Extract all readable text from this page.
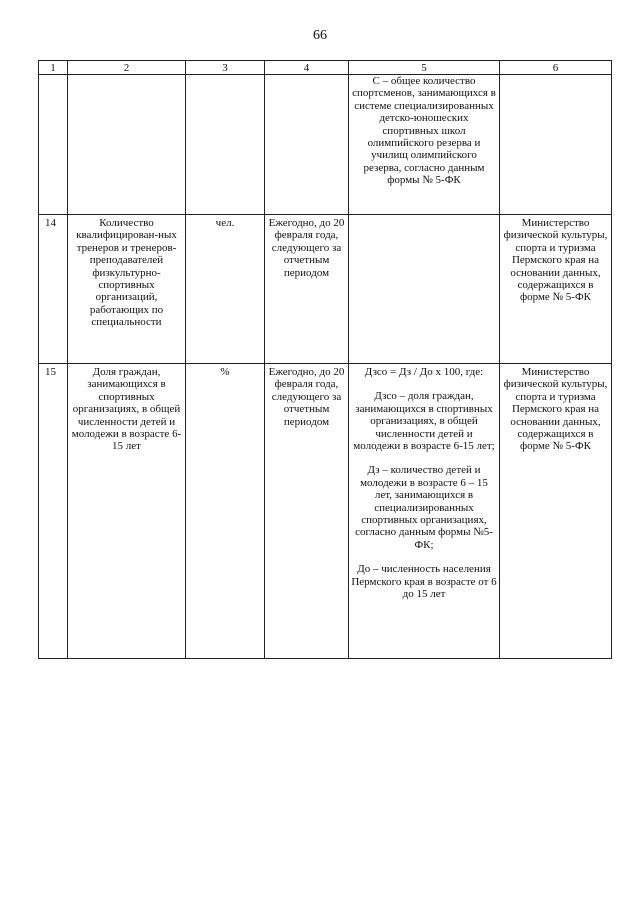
66
1	2	3	4	5	6
				С – общее количество спортсменов, занимающихся в системе специализированных детско-юношеских спортивных школ олимпийского резерва и училищ олимпийского резерва, согласно данным формы № 5-ФК	
14	Количество квалифицирован-ных тренеров и тренеров-преподавателей физкультурно-спортивных организаций, работающих по специальности	чел.	Ежегодно, до 20 февраля года, следующего за отчетным периодом		Министерство физической культуры, спорта и туризма Пермского края на основании данных, содержащихся в форме № 5-ФК
15	Доля граждан, занимающихся в спортивных организациях, в общей численности детей и молодежи в возрасте 6-15 лет	%	Ежегодно, до 20 февраля года, следующего за отчетным периодом	Дзсо = Дз / До х 100, где:

Дзсо – доля граждан, занимающихся в спортивных организациях, в общей численности детей и молодежи в возрасте 6-15 лет;

Дз – количество детей и молодежи в возрасте 6 – 15 лет, занимающихся в специализированных спортивных организациях, согласно данным формы №5-ФК;

До – численность населения Пермского края в возрасте от 6 до 15 лет	Министерство физической культуры, спорта и туризма Пермского края на основании данных, содержащихся в форме № 5-ФК
